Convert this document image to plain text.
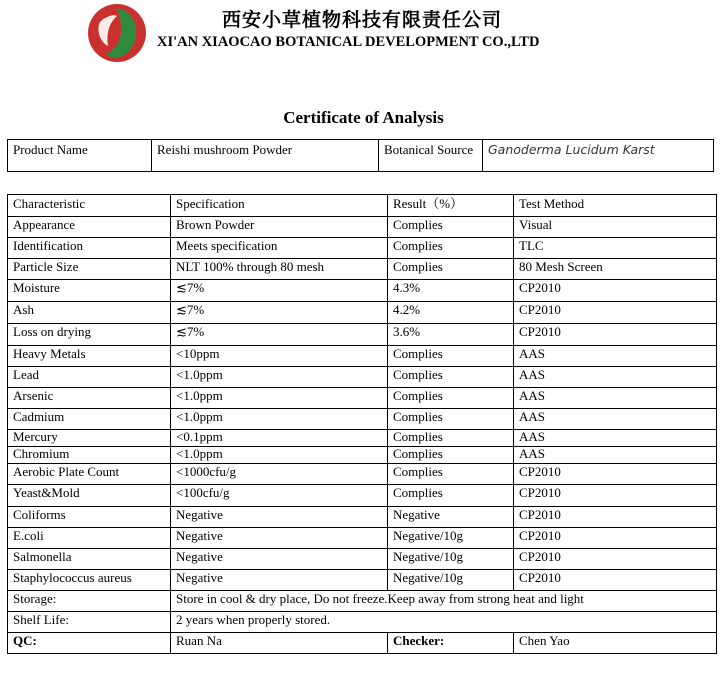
西安小草植物科技有限责任公司
XI'AN XIAOCAO BOTANICAL DEVELOPMENT CO.,LTD
Certificate of Analysis
Product Name	Reishi mushroom Powder	Botanical Source	Ganoderma Lucidum Karst
Characteristic	Specification	Result（%）	Test Method
Appearance	Brown Powder	Complies	Visual
Identification	Meets specification	Complies	TLC
Particle Size	NLT 100% through 80 mesh	Complies	80 Mesh Screen
Moisture	≲7%	4.3%	CP2010
Ash	≲7%	4.2%	CP2010
Loss on drying	≲7%	3.6%	CP2010
Heavy Metals	<10ppm	Complies	AAS
Lead	<1.0ppm	Complies	AAS
Arsenic	<1.0ppm	Complies	AAS
Cadmium	<1.0ppm	Complies	AAS
Mercury	<0.1ppm	Complies	AAS
Chromium	<1.0ppm	Complies	AAS
Aerobic Plate Count	<1000cfu/g	Complies	CP2010
Yeast&Mold	<100cfu/g	Complies	CP2010
Coliforms	Negative	Negative	CP2010
E.coli	Negative	Negative/10g	CP2010
Salmonella	Negative	Negative/10g	CP2010
Staphylococcus aureus	Negative	Negative/10g	CP2010
Storage:	Store in cool & dry place, Do not freeze.Keep away from strong heat and light		
Shelf Life:	2 years when properly stored.		
QC:	Ruan Na	Checker:	Chen Yao
